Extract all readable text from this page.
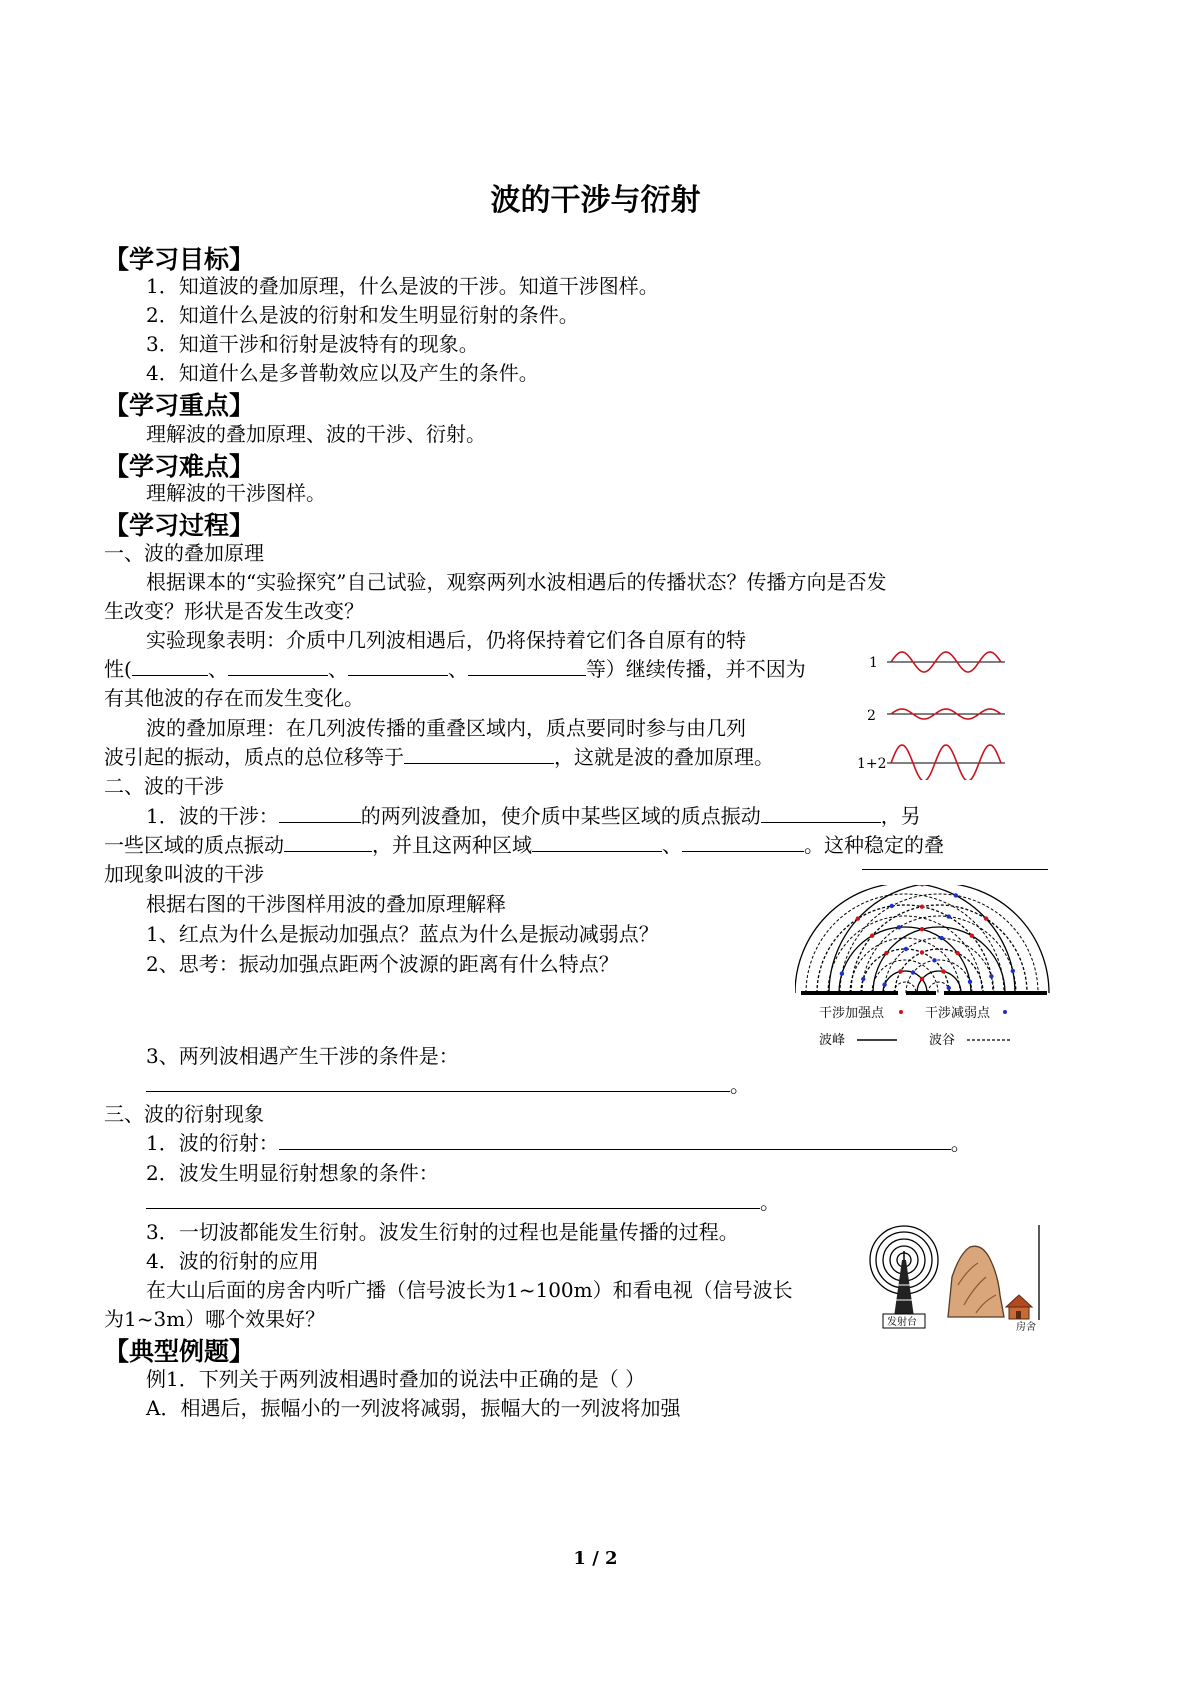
波的干涉与衍射
【学习目标】
1．知道波的叠加原理，什么是波的干涉。知道干涉图样。
2．知道什么是波的衍射和发生明显衍射的条件。
3．知道干涉和衍射是波特有的现象。
4．知道什么是多普勒效应以及产生的条件。
【学习重点】
理解波的叠加原理、波的干涉、衍射。
【学习难点】
理解波的干涉图样。
【学习过程】
一、波的叠加原理
根据课本的“实验探究”自己试验，观察两列水波相遇后的传播状态？传播方向是否发
生改变？形状是否发生改变？
实验现象表明：介质中几列波相遇后，仍将保持着它们各自原有的特
性(	、	、	、	等）继续传播，并不因为
有其他波的存在而发生变化。
波的叠加原理：在几列波传播的重叠区域内，质点要同时参与由几列
波引起的振动，质点的总位移等于	，这就是波的叠加原理。
1
2
1+2
二、波的干涉
1．波的干涉：	的两列波叠加，使介质中某些区域的质点振动	，另
一些区域的质点振动	，并且这两种区域	、	。这种稳定的叠
加现象叫波的干涉
根据右图的干涉图样用波的叠加原理解释
1、红点为什么是振动加强点？蓝点为什么是振动减弱点？
2、思考：振动加强点距两个波源的距离有什么特点？
3、两列波相遇产生干涉的条件是：
。
干涉加强点	干涉减弱点
波峰	波谷
三、波的衍射现象
1．波的衍射：	。
2．波发生明显衍射想象的条件：
。
3．一切波都能发生衍射。波发生衍射的过程也是能量传播的过程。
4．波的衍射的应用
在大山后面的房舍内听广播（信号波长为1~100m）和看电视（信号波长
为1~3m）哪个效果好？	发射台	房舍
【典型例题】
例1．下列关于两列波相遇时叠加的说法中正确的是（ ）
A．相遇后，振幅小的一列波将减弱，振幅大的一列波将加强
1 / 2
